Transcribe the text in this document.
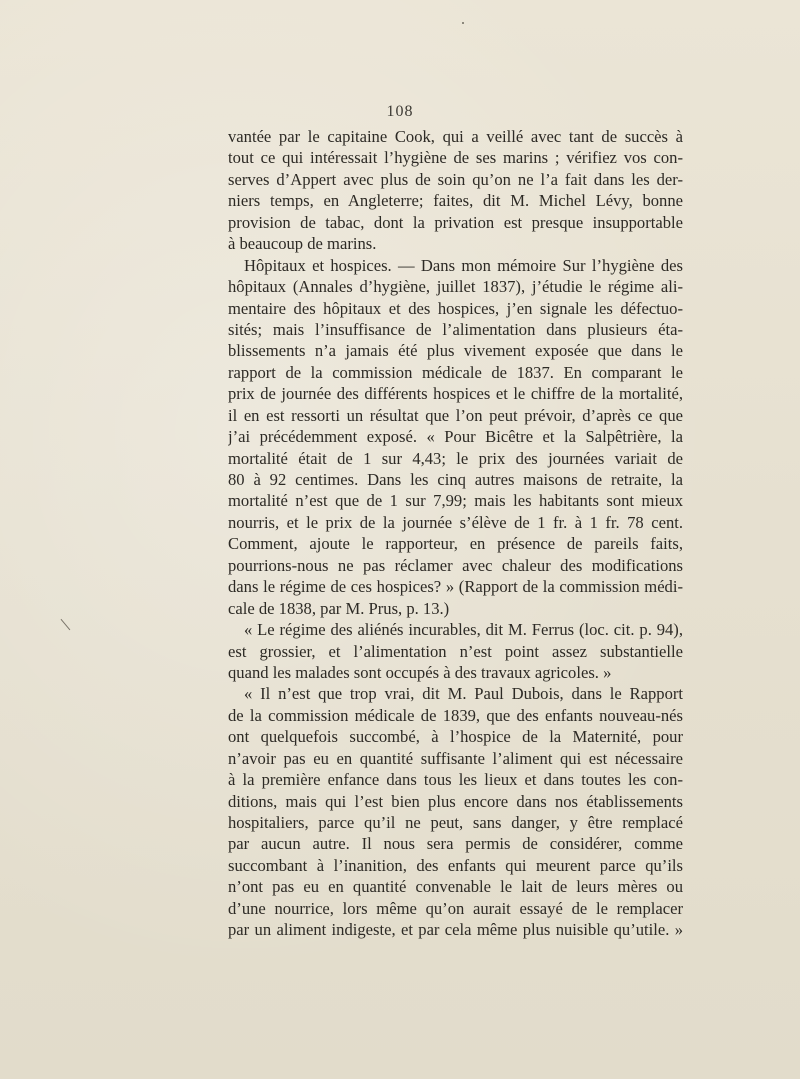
108
vantée par le capitaine Cook, qui a veillé avec tant de succès à
tout ce qui intéressait l’hygiène de ses marins ; vérifiez vos con-
serves d’Appert avec plus de soin qu’on ne l’a fait dans les der-
niers temps, en Angleterre; faites, dit M. Michel Lévy, bonne
provision de tabac, dont la privation est presque insupportable
à beaucoup de marins.
Hôpitaux et hospices. — Dans mon mémoire Sur l’hygiène des
hôpitaux (Annales d’hygiène, juillet 1837), j’étudie le régime ali-
mentaire des hôpitaux et des hospices, j’en signale les défectuo-
sités; mais l’insuffisance de l’alimentation dans plusieurs éta-
blissements n’a jamais été plus vivement exposée que dans le
rapport de la commission médicale de 1837. En comparant le
prix de journée des différents hospices et le chiffre de la mortalité,
il en est ressorti un résultat que l’on peut prévoir, d’après ce que
j’ai précédemment exposé. « Pour Bicêtre et la Salpêtrière, la
mortalité était de 1 sur 4,43; le prix des journées variait de
80 à 92 centimes. Dans les cinq autres maisons de retraite, la
mortalité n’est que de 1 sur 7,99; mais les habitants sont mieux
nourris, et le prix de la journée s’élève de 1 fr. à 1 fr. 78 cent.
Comment, ajoute le rapporteur, en présence de pareils faits,
pourrions-nous ne pas réclamer avec chaleur des modifications
dans le régime de ces hospices? » (Rapport de la commission médi-
cale de 1838, par M. Prus, p. 13.)
« Le régime des aliénés incurables, dit M. Ferrus (loc. cit. p. 94),
est grossier, et l’alimentation n’est point assez substantielle
quand les malades sont occupés à des travaux agricoles. »
« Il n’est que trop vrai, dit M. Paul Dubois, dans le Rapport
de la commission médicale de 1839, que des enfants nouveau-nés
ont quelquefois succombé, à l’hospice de la Maternité, pour
n’avoir pas eu en quantité suffisante l’aliment qui est nécessaire
à la première enfance dans tous les lieux et dans toutes les con-
ditions, mais qui l’est bien plus encore dans nos établissements
hospitaliers, parce qu’il ne peut, sans danger, y être remplacé
par aucun autre. Il nous sera permis de considérer, comme
succombant à l’inanition, des enfants qui meurent parce qu’ils
n’ont pas eu en quantité convenable le lait de leurs mères ou
d’une nourrice, lors même qu’on aurait essayé de le remplacer
par un aliment indigeste, et par cela même plus nuisible qu’utile. »
